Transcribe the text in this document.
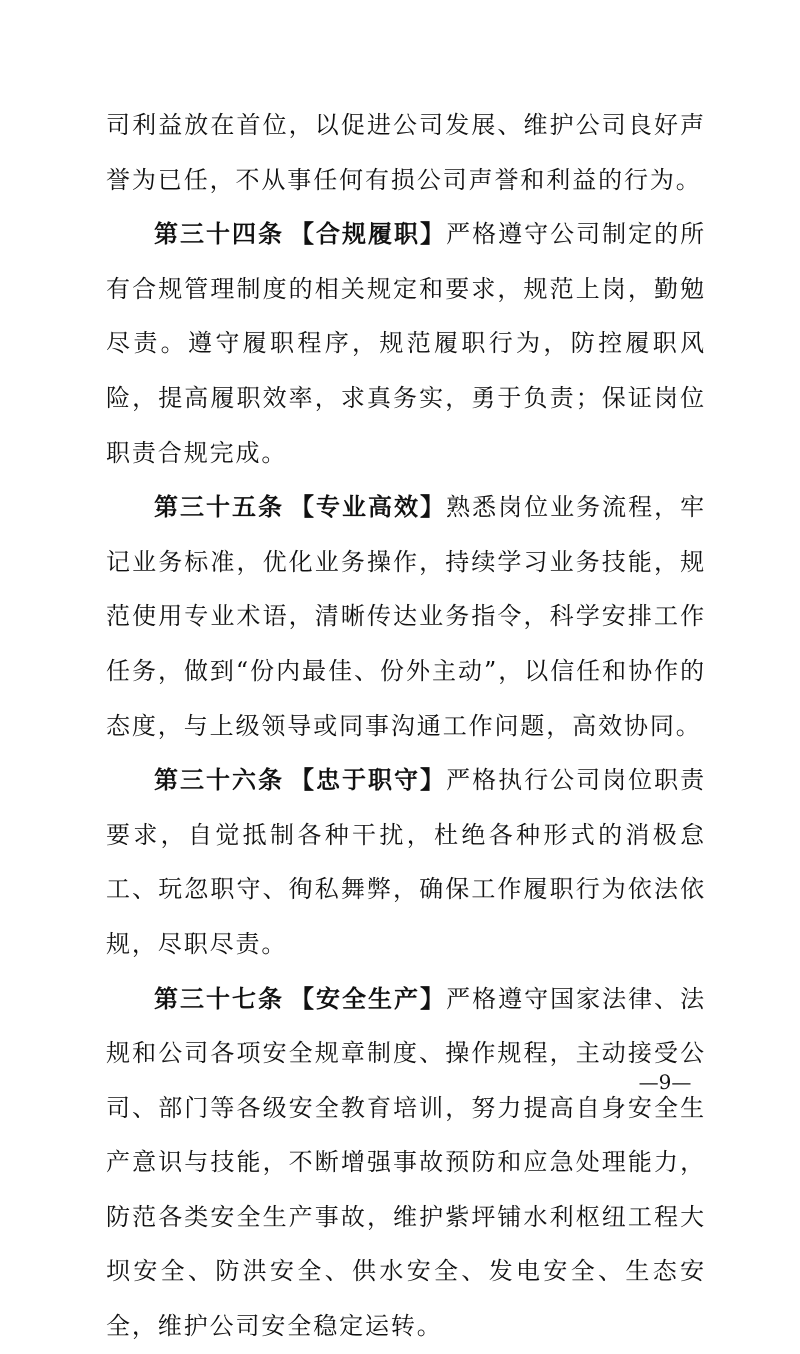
司利益放在首位，以促进公司发展、维护公司良好声誉为已任，不从事任何有损公司声誉和利益的行为。

第三十四条 【合规履职】严格遵守公司制定的所有合规管理制度的相关规定和要求，规范上岗，勤勉尽责。遵守履职程序，规范履职行为，防控履职风险，提高履职效率，求真务实，勇于负责；保证岗位职责合规完成。

第三十五条 【专业高效】熟悉岗位业务流程，牢记业务标准，优化业务操作，持续学习业务技能，规范使用专业术语，清晰传达业务指令，科学安排工作任务，做到“份内最佳、份外主动”，以信任和协作的态度，与上级领导或同事沟通工作问题，高效协同。

第三十六条 【忠于职守】严格执行公司岗位职责要求，自觉抵制各种干扰，杜绝各种形式的消极怠工、玩忽职守、徇私舞弊，确保工作履职行为依法依规，尽职尽责。

第三十七条 【安全生产】严格遵守国家法律、法规和公司各项安全规章制度、操作规程，主动接受公司、部门等各级安全教育培训，努力提高自身安全生产意识与技能，不断增强事故预防和应急处理能力，防范各类安全生产事故，维护紫坪铺水利枢纽工程大坝安全、防洪安全、供水安全、发电安全、生态安全，维护公司安全稳定运转。

—9—
